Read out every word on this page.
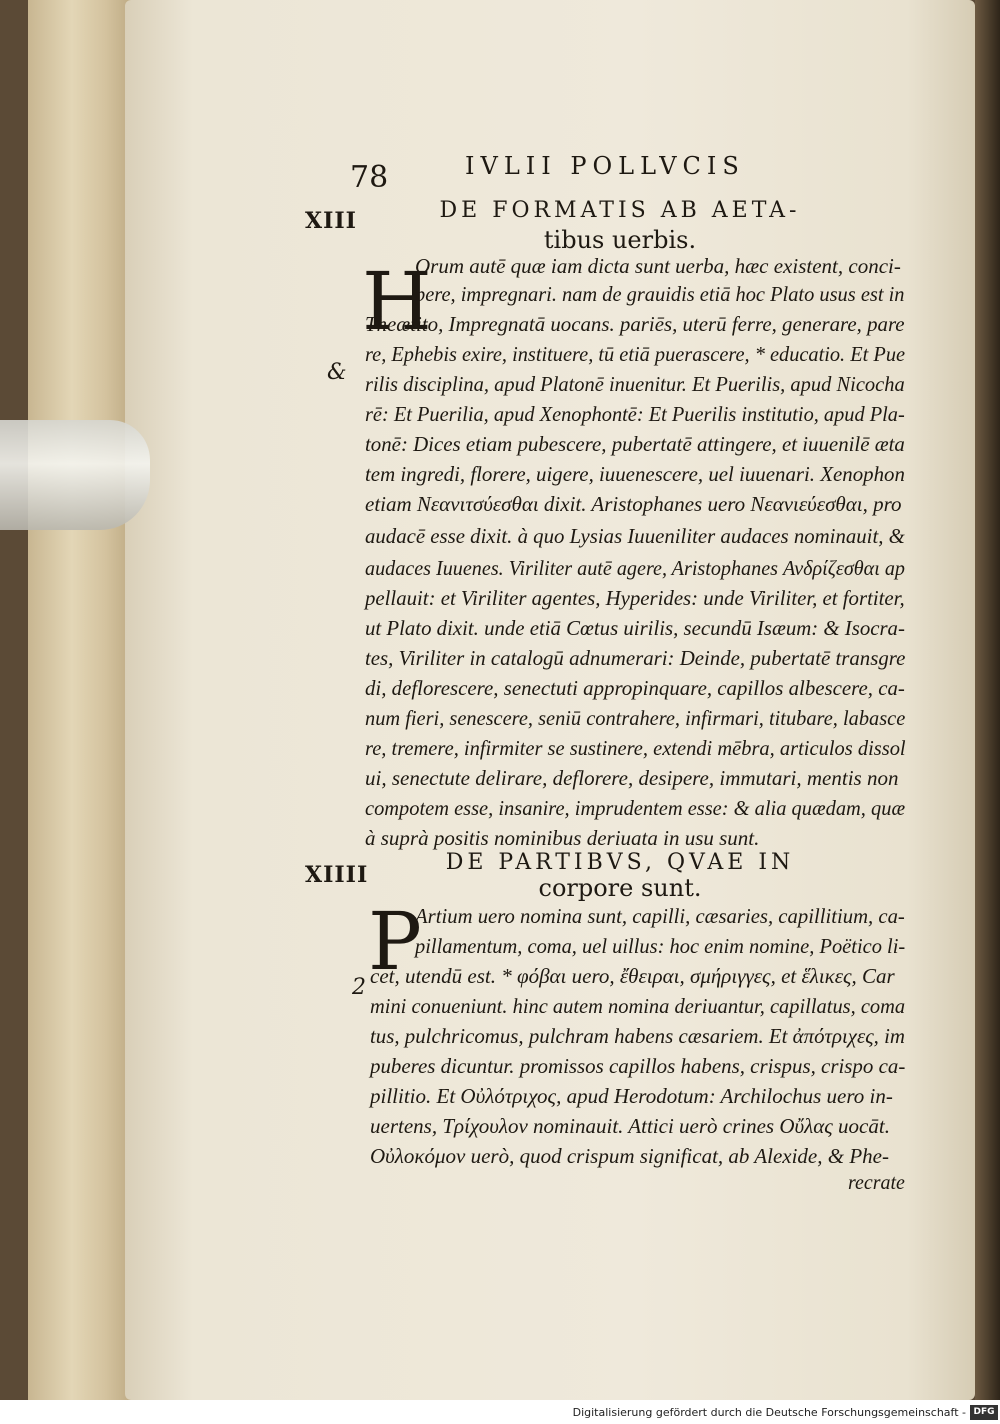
78	IVLII POLLVCIS
XIII	DE FORMATIS AB AETA-
tibus uerbis.
H
&
Orum autē quæ iam dicta sunt uerba, hæc existent, conci-
pere, impregnari. nam de grauidis etiā hoc Plato usus est in
Theætito, Impregnatā uocans. pariēs, uterū ferre, generare, pare
re, Ephebis exire, instituere, tū etiā puerascere, * educatio. Et Pue
rilis disciplina, apud Platonē inuenitur. Et Puerilis, apud Nicocha
rē: Et Puerilia, apud Xenophontē: Et Puerilis institutio, apud Pla-
tonē: Dices etiam pubescere, pubertatē attingere, et iuuenilē æta
tem ingredi, florere, uigere, iuuenescere, uel iuuenari. Xenophon
etiam Νεανιτσύεσθαι dixit. Aristophanes uero Νεανιεύεσθαι, pro
audacē esse dixit. à quo Lysias Iuueniliter audaces nominauit, &
audaces Iuuenes. Viriliter autē agere, Aristophanes Ανδρίζεσθαι ap
pellauit: et Viriliter agentes, Hyperides: unde Viriliter, et fortiter,
ut Plato dixit. unde etiā Cœtus uirilis, secundū Isæum: & Isocra-
tes, Viriliter in catalogū adnumerari: Deinde, pubertatē transgre
di, deflorescere, senectuti appropinquare, capillos albescere, ca-
num fieri, senescere, seniū contrahere, infirmari, titubare, labasce
re, tremere, infirmiter se sustinere, extendi mēbra, articulos dissol
ui, senectute delirare, deflorere, desipere, immutari, mentis non
compotem esse, insanire, imprudentem esse: & alia quædam, quæ
à suprà positis nominibus deriuata in usu sunt.
XIIII	DE PARTIBVS, QVAE IN
corpore sunt.
P
2
Artium uero nomina sunt, capilli, cæsaries, capillitium, ca-
pillamentum, coma, uel uillus: hoc enim nomine, Poëtico li-
cet, utendū est. * φόβαι uero, ἔθειραι, σμήριγγες, et ἕλικες, Car
mini conueniunt. hinc autem nomina deriuantur, capillatus, coma
tus, pulchricomus, pulchram habens cæsariem. Et ἀπότριχες, im
puberes dicuntur. promissos capillos habens, crispus, crispo ca-
pillitio. Et Οὐλότριχος, apud Herodotum: Archilochus uero in-
uertens, Τρίχουλον nominauit. Attici uerò crines Οὔλας uocāt.
Οὐλοκόμον uerò, quod crispum significat, ab Alexide, & Phe-
recrate
Digitalisierung gefördert durch die Deutsche Forschungsgemeinschaft - DFG
